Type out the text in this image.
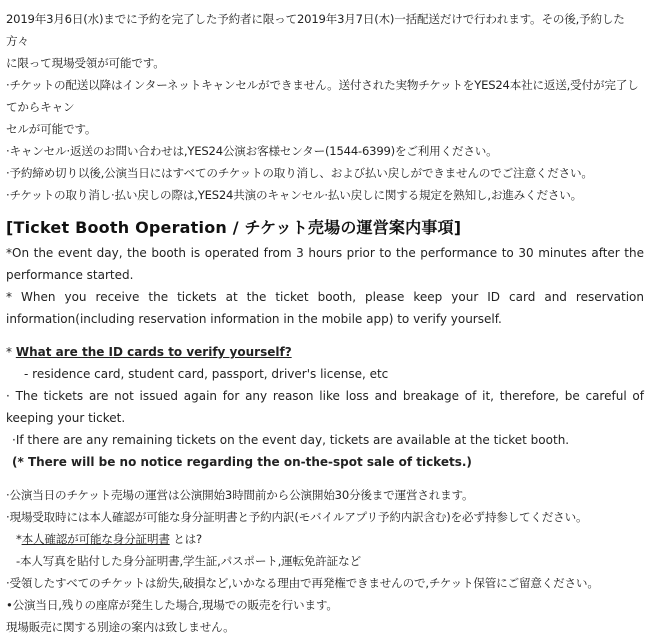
2019年3月6日(水)までに予約を完了した予約者に限って2019年3月7日(木)一括配送だけで行われます。その後,予約した方々

に限って現場受領が可能です。

·チケットの配送以降はインターネットキャンセルができません。送付された実物チケットをYES24本社に返送,受付が完了してからキャン

セルが可能です。

·キャンセル·返送のお問い合わせは,YES24公演お客様センター(1544-6399)をご利用ください。

·予約締め切り以後,公演当日にはすべてのチケットの取り消し、および払い戻しができませんのでご注意ください。

·チケットの取り消し·払い戻しの際は,YES24共演のキャンセル·払い戻しに関する規定を熟知し,お進みください。

[Ticket Booth Operation / チケット売場の運営案内事項]

*On the event day, the booth is operated from 3 hours prior to the performance to 30 minutes after the performance started.

* When you receive the tickets at the ticket booth, please keep your ID card and reservation information(including reservation information in the mobile app) to verify yourself.

* What are the ID cards to verify yourself?

- residence card, student card, passport, driver's license, etc

· The tickets are not issued again for any reason like loss and breakage of it, therefore, be careful of keeping your ticket.

·If there are any remaining tickets on the event day, tickets are available at the ticket booth.

(* There will be no notice regarding the on-the-spot sale of tickets.)

·公演当日のチケット売場の運営は公演開始3時間前から公演開始30分後まで運営されます。

·現場受取時には本人確認が可能な身分証明書と予約内訳(モバイルアプリ予約内訳含む)を必ず持参してください。

*本人確認が可能な身分証明書 とは?

-本人写真を貼付した身分証明書,学生証,パスポート,運転免許証など

·受領したすべてのチケットは紛失,破損など,いかなる理由で再発権できませんので,チケット保管にご留意ください。

•公演当日,残りの座席が発生した場合,現場での販売を行います。

現場販売に関する別途の案内は致しません。
